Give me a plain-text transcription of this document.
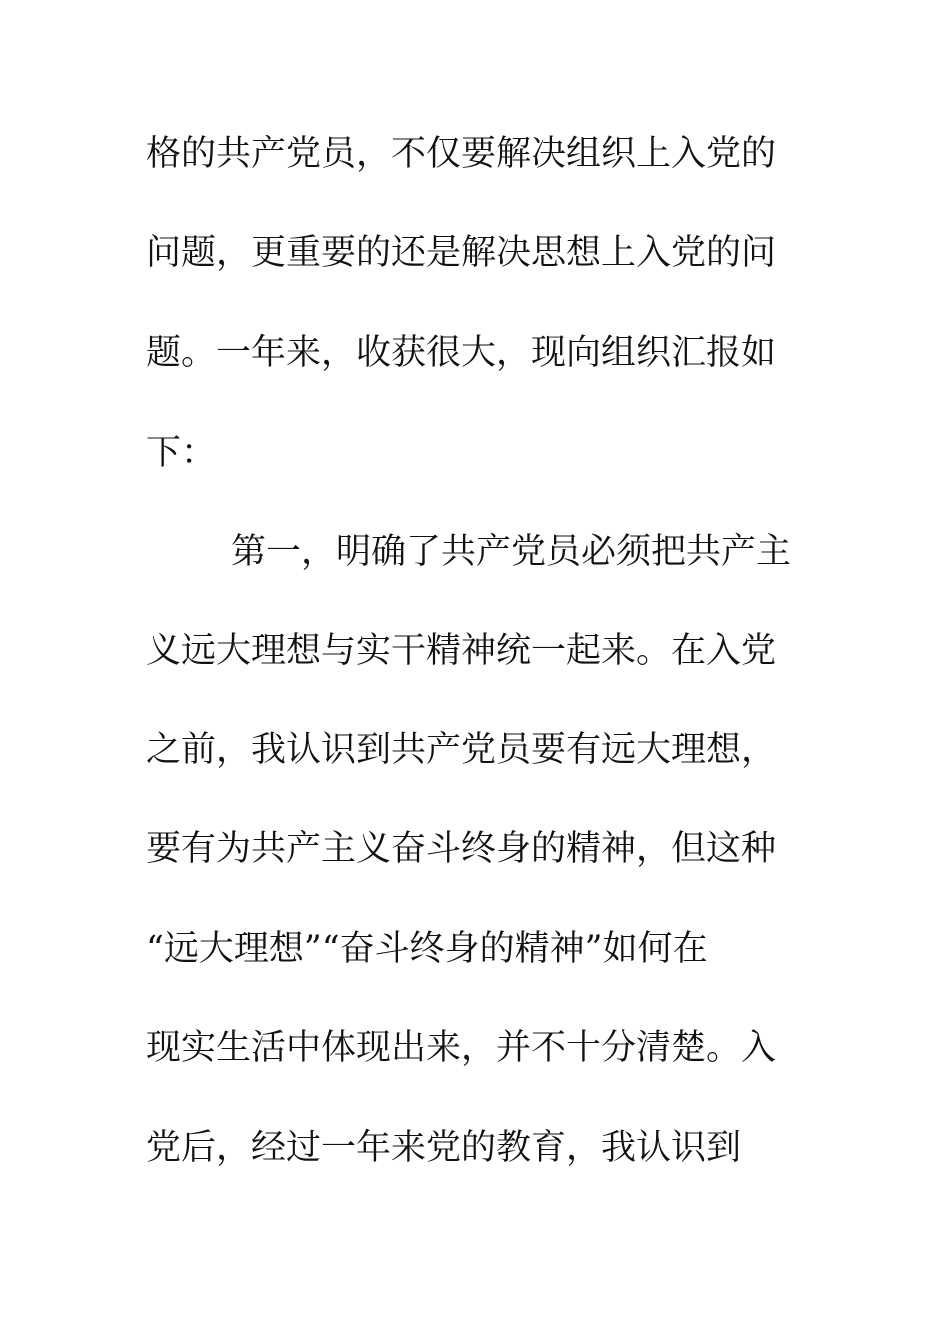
格的共产党员，不仅要解决组织上入党的
问题，更重要的还是解决思想上入党的问
题。一年来，收获很大，现向组织汇报如
下：
第一，明确了共产党员必须把共产主
义远大理想与实干精神统一起来。在入党
之前，我认识到共产党员要有远大理想，
要有为共产主义奋斗终身的精神，但这种
“远大理想”“奋斗终身的精神”如何在
现实生活中体现出来，并不十分清楚。入
党后，经过一年来党的教育，我认识到
